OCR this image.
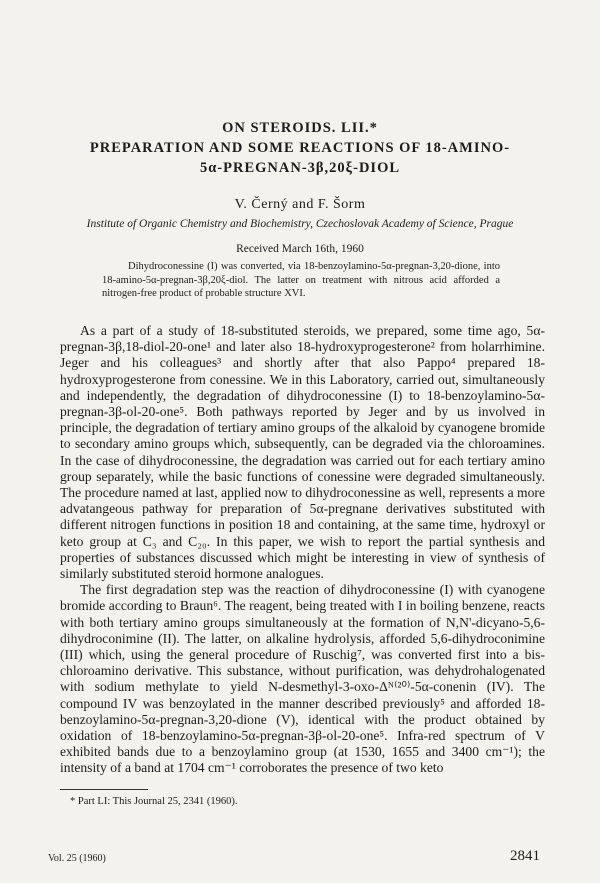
ON STEROIDS. LII.*

PREPARATION AND SOME REACTIONS OF 18-AMINO-

5α-PREGNAN-3β,20ξ-DIOL

V. Černý and F. Šorm

Institute of Organic Chemistry and Biochemistry, Czechoslovak Academy of Science, Prague

Received March 16th, 1960

Dihydroconessine (I) was converted, via 18-benzoylamino-5α-pregnan-3,20-dione, into 18-amino-5α-pregnan-3β,20ξ-diol. The latter on treatment with nitrous acid afforded a nitrogen-free product of probable structure XVI.

As a part of a study of 18-substituted steroids, we prepared, some time ago, 5α-pregnan-3β,18-diol-20-one¹ and later also 18-hydroxyprogesterone² from holarrhimine. Jeger and his colleagues³ and shortly after that also Pappo⁴ prepared 18-hydroxyprogesterone from conessine. We in this Laboratory, carried out, simultaneously and independently, the degradation of dihydroconessine (I) to 18-benzoylamino-5α-pregnan-3β-ol-20-one⁵. Both pathways reported by Jeger and by us involved in principle, the degradation of tertiary amino groups of the alkaloid by cyanogene bromide to secondary amino groups which, subsequently, can be degraded via the chloroamines. In the case of dihydroconessine, the degradation was carried out for each tertiary amino group separately, while the basic functions of conessine were degraded simultaneously. The procedure named at last, applied now to dihydroconessine as well, represents a more advatangeous pathway for preparation of 5α-pregnane derivatives substituted with different nitrogen functions in position 18 and containing, at the same time, hydroxyl or keto group at C₃ and C₂₀. In this paper, we wish to report the partial synthesis and properties of substances discussed which might be interesting in view of synthesis of similarly substituted steroid hormone analogues.

The first degradation step was the reaction of dihydroconessine (I) with cyanogene bromide according to Braun⁶. The reagent, being treated with I in boiling benzene, reacts with both tertiary amino groups simultaneously at the formation of N,N'-dicyano-5,6-dihydroconimine (II). The latter, on alkaline hydrolysis, afforded 5,6-dihydroconimine (III) which, using the general procedure of Ruschig⁷, was converted first into a bis-chloroamino derivative. This substance, without purification, was dehydrohalogenated with sodium methylate to yield N-desmethyl-3-oxo-Δᴺ⁽²⁰⁾-5α-conenin (IV). The compound IV was benzoylated in the manner described previously⁵ and afforded 18-benzoylamino-5α-pregnan-3,20-dione (V), identical with the product obtained by oxidation of 18-benzoylamino-5α-pregnan-3β-ol-20-one⁵. Infra-red spectrum of V exhibited bands due to a benzoylamino group (at 1530, 1655 and 3400 cm⁻¹); the intensity of a band at 1704 cm⁻¹ corroborates the presence of two keto

* Part LI: This Journal 25, 2341 (1960).
Vol. 25 (1960)	2841
